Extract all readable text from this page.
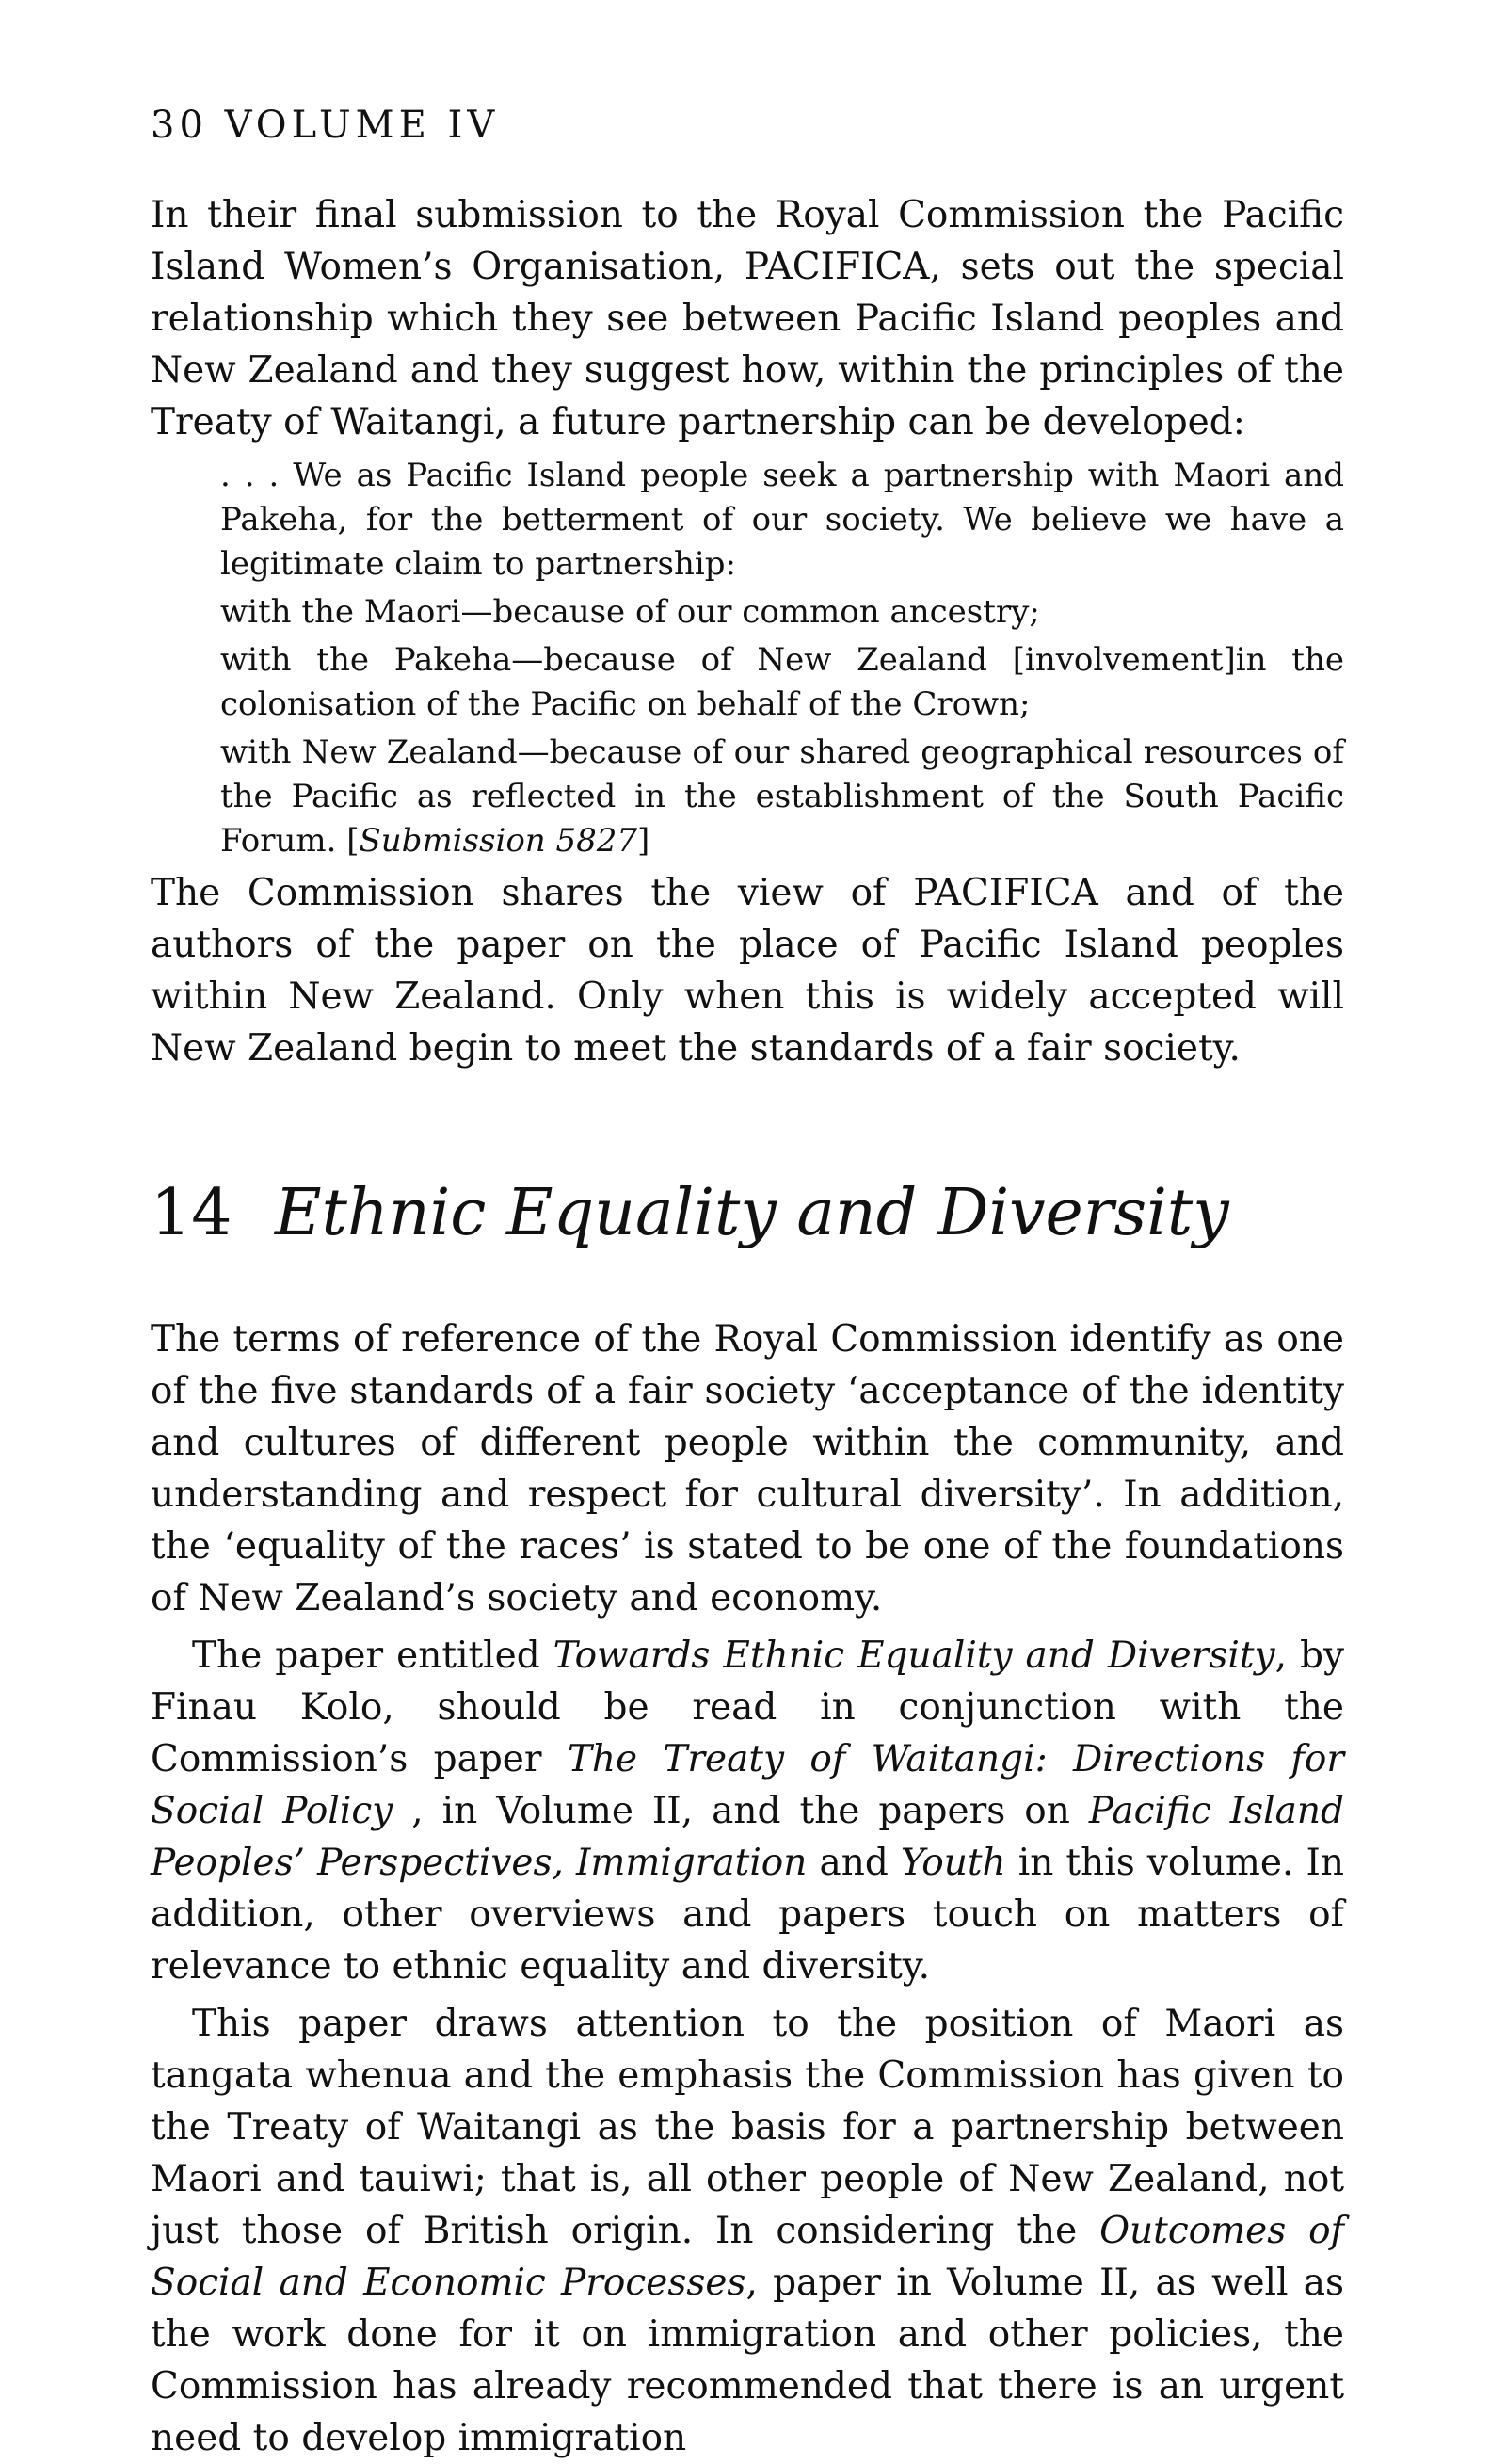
30 VOLUME IV

In their final submission to the Royal Commission the Pacific Island Women’s Organisation, PACIFICA, sets out the special relationship which they see between Pacific Island peoples and New Zealand and they suggest how, within the principles of the Treaty of Waitangi, a future partnership can be developed:

. . . We as Pacific Island people seek a partnership with Maori and Pakeha, for the betterment of our society. We believe we have a legitimate claim to partnership:

with the Maori—because of our common ancestry;

with the Pakeha—because of New Zealand [involvement]in the colonisation of the Pacific on behalf of the Crown;

with New Zealand—because of our shared geographical resources of the Pacific as reflected in the establishment of the South Pacific Forum. [Submission 5827]

The Commission shares the view of PACIFICA and of the authors of the paper on the place of Pacific Island peoples within New Zealand. Only when this is widely accepted will New Zealand begin to meet the standards of a fair society.

14 Ethnic Equality and Diversity

The terms of reference of the Royal Commission identify as one of the five standards of a fair society ‘acceptance of the identity and cultures of different people within the community, and understanding and respect for cultural diversity’. In addition, the ‘equality of the races’ is stated to be one of the foundations of New Zealand’s society and economy.

The paper entitled Towards Ethnic Equality and Diversity, by Finau Kolo, should be read in conjunction with the Commission’s paper The Treaty of Waitangi: Directions for Social Policy , in Volume II, and the papers on Pacific Island Peoples’ Perspectives, Immigration and Youth in this volume. In addition, other overviews and papers touch on matters of relevance to ethnic equality and diversity.

This paper draws attention to the position of Maori as tangata whenua and the emphasis the Commission has given to the Treaty of Waitangi as the basis for a partnership between Maori and tauiwi; that is, all other people of New Zealand, not just those of British origin. In considering the Outcomes of Social and Economic Processes, paper in Volume II, as well as the work done for it on immigration and other policies, the Commission has already recommended that there is an urgent need to develop immigration
